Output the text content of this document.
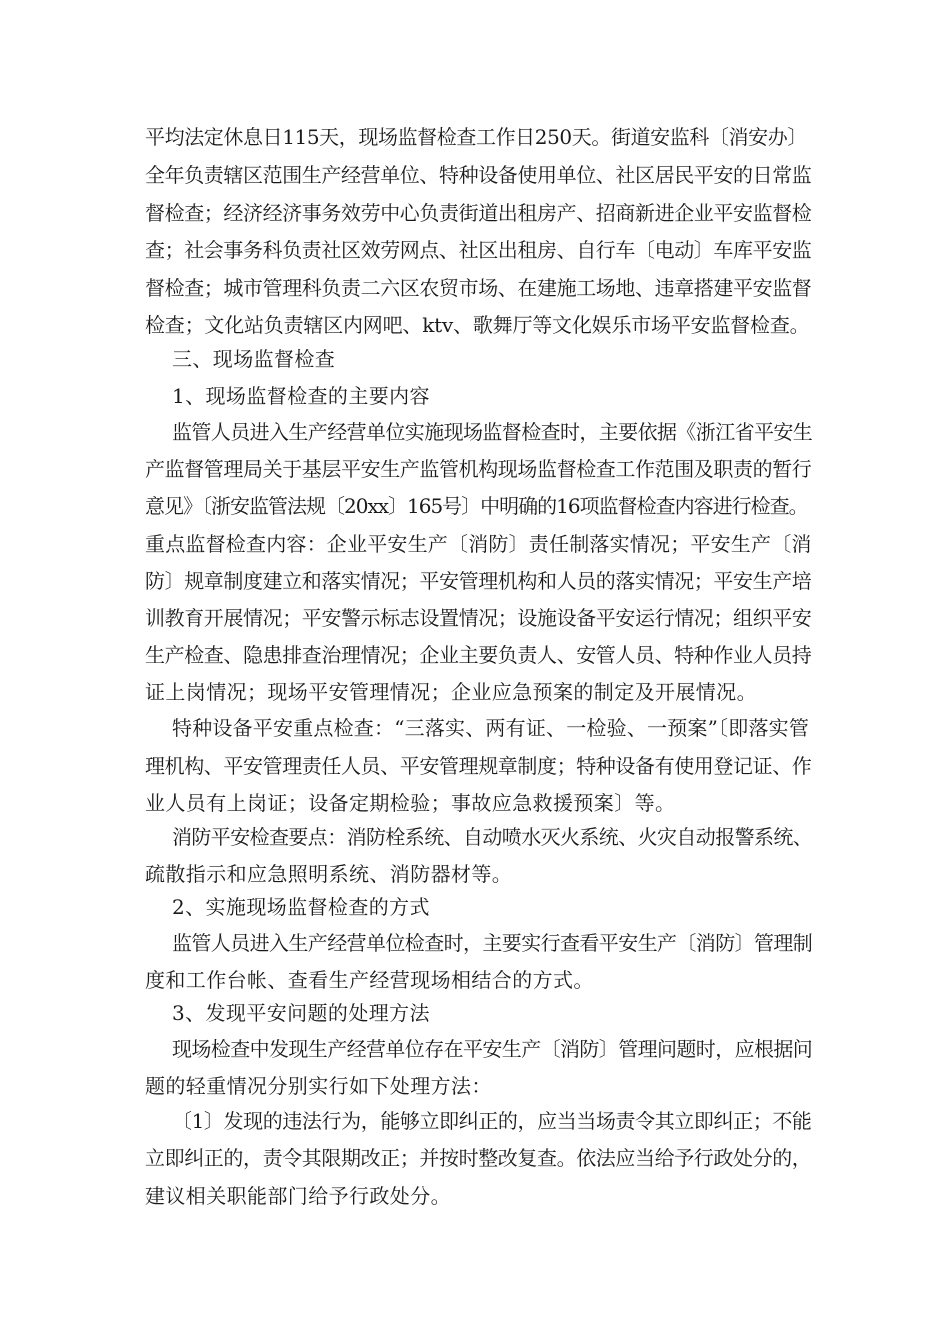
平均法定休息日115天，现场监督检查工作日250天。街道安监科〔消安办〕

全年负责辖区范围生产经营单位、特种设备使用单位、社区居民平安的日常监

督检查；经济经济事务效劳中心负责街道出租房产、招商新进企业平安监督检

查；社会事务科负责社区效劳网点、社区出租房、自行车〔电动〕车库平安监

督检查；城市管理科负责二六区农贸市场、在建施工场地、违章搭建平安监督

检查；文化站负责辖区内网吧、ktv、歌舞厅等文化娱乐市场平安监督检查。

三、现场监督检查

1、现场监督检查的主要内容

监管人员进入生产经营单位实施现场监督检查时，主要依据《浙江省平安生

产监督管理局关于基层平安生产监管机构现场监督检查工作范围及职责的暂行

意见》〔浙安监管法规〔20xx〕165号〕中明确的16项监督检查内容进行检查。

重点监督检查内容：企业平安生产〔消防〕责任制落实情况；平安生产〔消

防〕规章制度建立和落实情况；平安管理机构和人员的落实情况；平安生产培

训教育开展情况；平安警示标志设置情况；设施设备平安运行情况；组织平安

生产检查、隐患排查治理情况；企业主要负责人、安管人员、特种作业人员持

证上岗情况；现场平安管理情况；企业应急预案的制定及开展情况。

特种设备平安重点检查：“三落实、两有证、一检验、一预案”〔即落实管

理机构、平安管理责任人员、平安管理规章制度；特种设备有使用登记证、作

业人员有上岗证；设备定期检验；事故应急救援预案〕等。

消防平安检查要点：消防栓系统、自动喷水灭火系统、火灾自动报警系统、

疏散指示和应急照明系统、消防器材等。

2、实施现场监督检查的方式

监管人员进入生产经营单位检查时，主要实行查看平安生产〔消防〕管理制

度和工作台帐、查看生产经营现场相结合的方式。

3、发现平安问题的处理方法

现场检查中发现生产经营单位存在平安生产〔消防〕管理问题时，应根据问

题的轻重情况分别实行如下处理方法：

〔1〕发现的违法行为，能够立即纠正的，应当当场责令其立即纠正；不能

立即纠正的，责令其限期改正；并按时整改复查。依法应当给予行政处分的，

建议相关职能部门给予行政处分。
